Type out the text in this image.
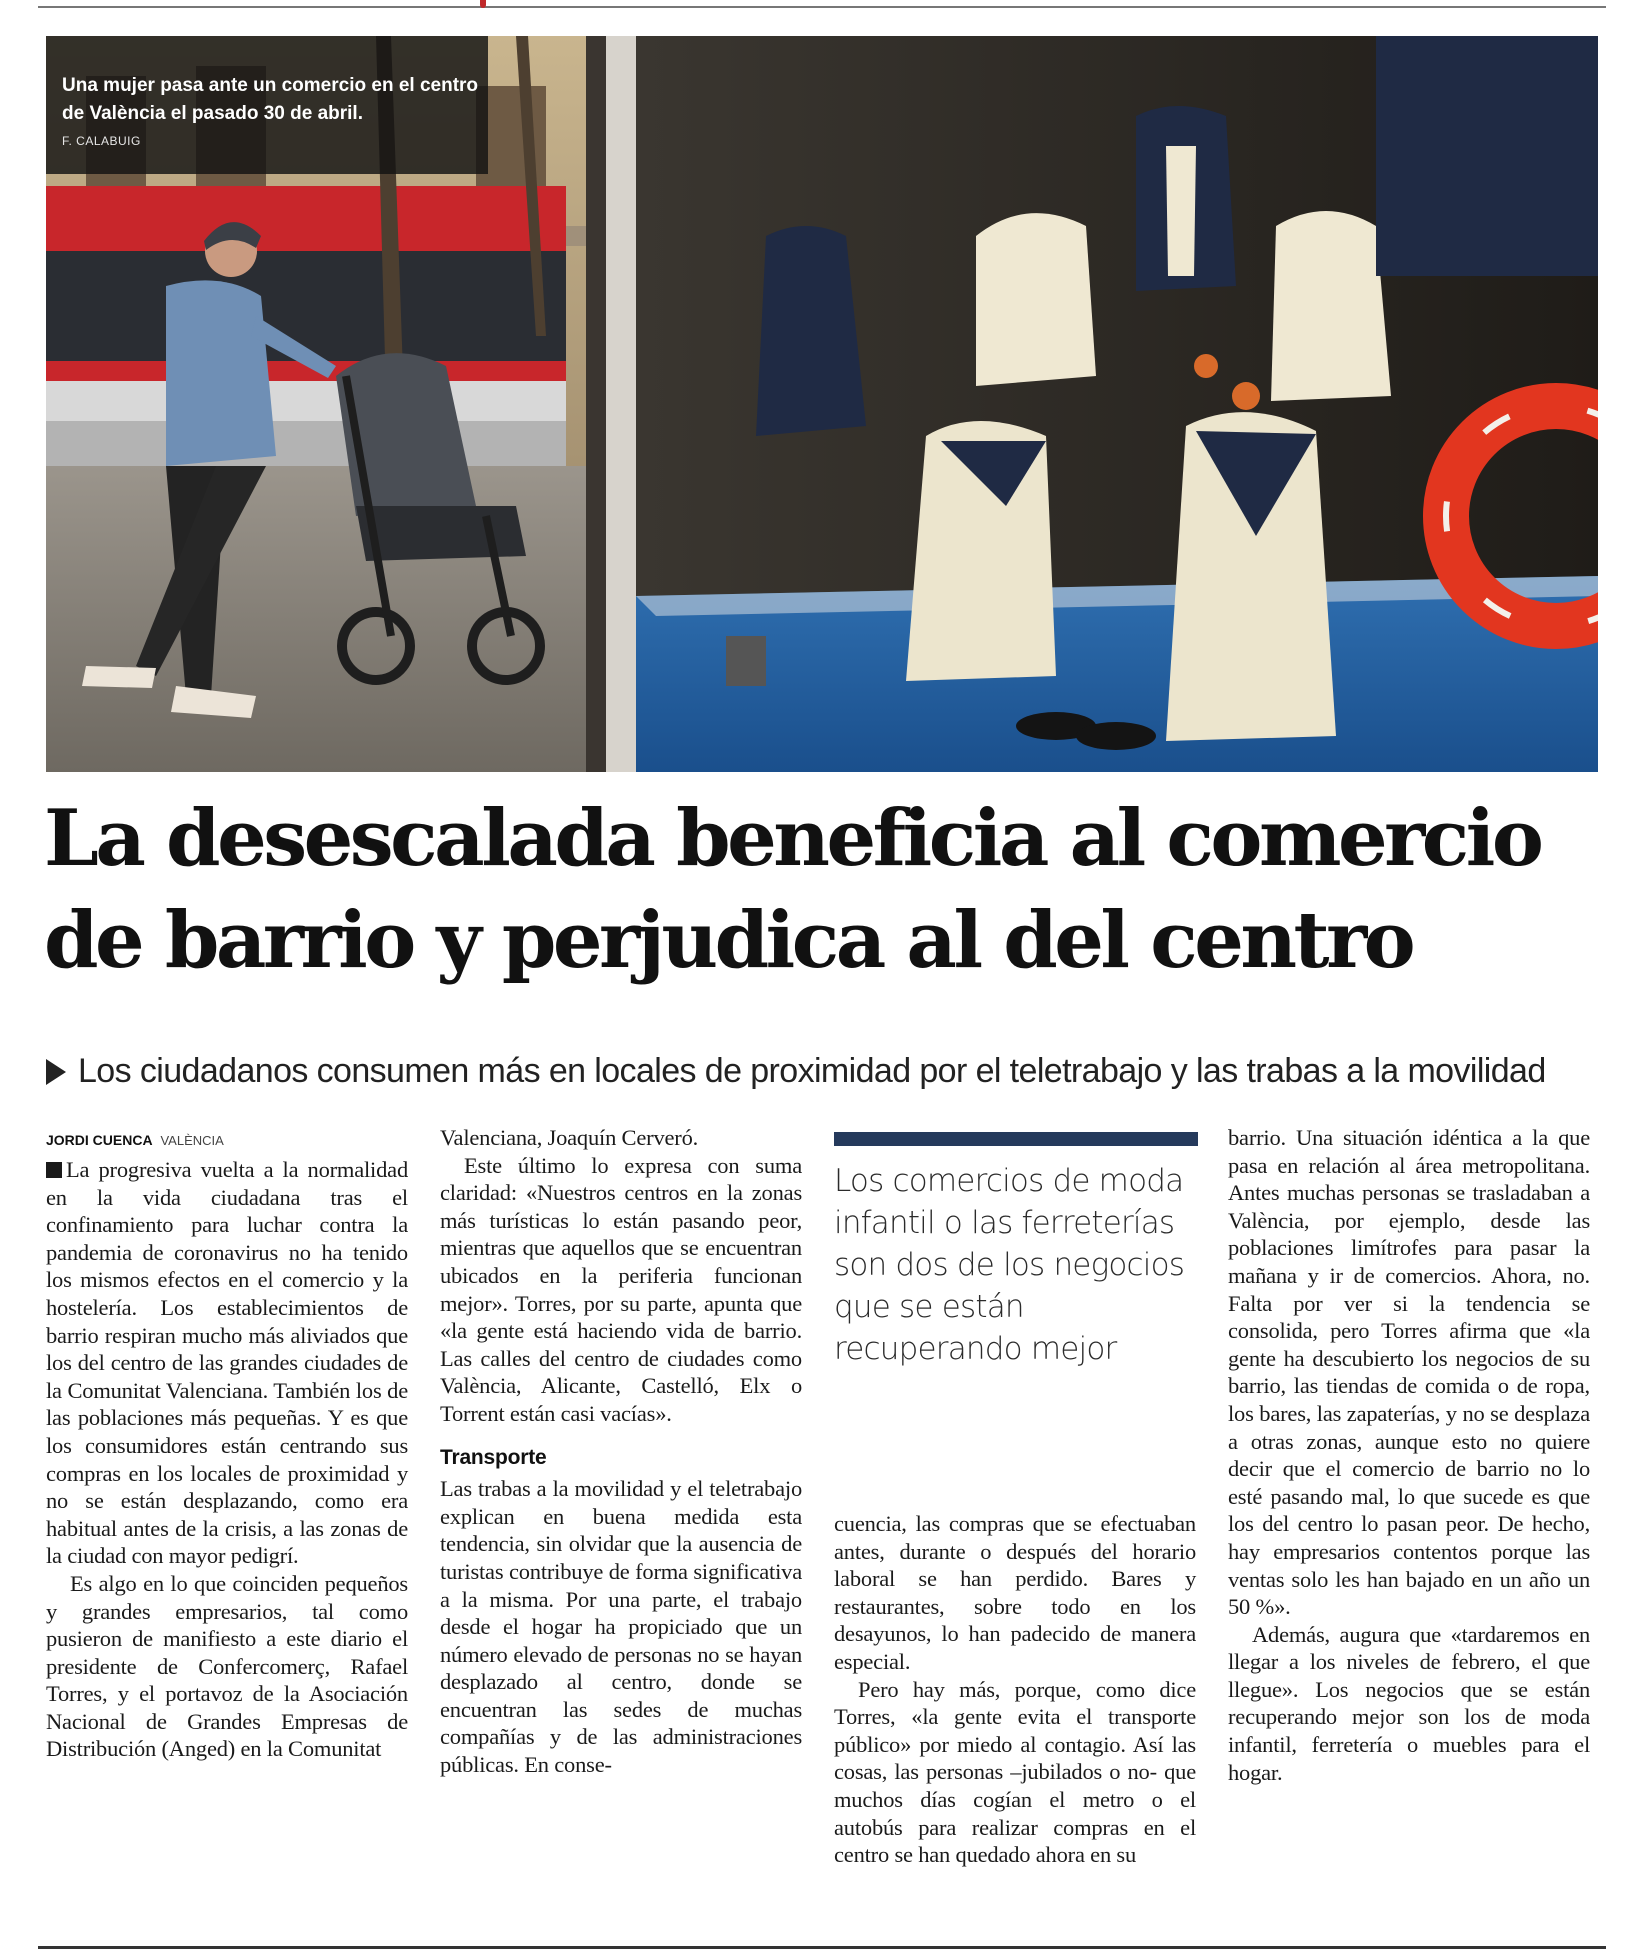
Una mujer pasa ante un comercio en el centro de València el pasado 30 de abril.
F. CALABUIG
La desescalada beneficia al comercio
de barrio y perjudica al del centro
Los ciudadanos consumen más en locales de proximidad por el teletrabajo y las trabas a la movilidad
JORDI CUENCA VALÈNCIA

La progresiva vuelta a la normalidad en la vida ciudadana tras el confinamiento para luchar contra la pandemia de coronavirus no ha tenido los mismos efectos en el comercio y la hostelería. Los establecimientos de barrio respiran mucho más aliviados que los del centro de las grandes ciudades de la Comunitat Valenciana. También los de las poblaciones más pequeñas. Y es que los consumidores están centrando sus compras en los locales de proximidad y no se están desplazando, como era habitual antes de la crisis, a las zonas de la ciudad con mayor pedigrí.

Es algo en lo que coinciden pequeños y grandes empresarios, tal como pusieron de manifiesto a este diario el presidente de Confercomerç, Rafael Torres, y el portavoz de la Asociación Nacional de Grandes Empresas de Distribución (Anged) en la Comunitat

Valenciana, Joaquín Cerveró.

Este último lo expresa con suma claridad: «Nuestros centros en la zonas más turísticas lo están pasando peor, mientras que aquellos que se encuentran ubicados en la periferia funcionan mejor». Torres, por su parte, apunta que «la gente está haciendo vida de barrio. Las calles del centro de ciudades como València, Alicante, Castelló, Elx o Torrent están casi vacías».

Transporte

Las trabas a la movilidad y el teletrabajo explican en buena medida esta tendencia, sin olvidar que la ausencia de turistas contribuye de forma significativa a la misma. Por una parte, el trabajo desde el hogar ha propiciado que un número elevado de personas no se hayan desplazado al centro, donde se encuentran las sedes de muchas compañías y de las administraciones públicas. En conse-

Los comercios de moda infantil o las ferreterías son dos de los negocios que se están recuperando mejor

cuencia, las compras que se efectuaban antes, durante o después del horario laboral se han perdido. Bares y restaurantes, sobre todo en los desayunos, lo han padecido de manera especial.

Pero hay más, porque, como dice Torres, «la gente evita el transporte público» por miedo al contagio. Así las cosas, las personas –jubilados o no- que muchos días cogían el metro o el autobús para realizar compras en el centro se han quedado ahora en su

barrio. Una situación idéntica a la que pasa en relación al área metropolitana. Antes muchas personas se trasladaban a València, por ejemplo, desde las poblaciones limítrofes para pasar la mañana y ir de comercios. Ahora, no. Falta por ver si la tendencia se consolida, pero Torres afirma que «la gente ha descubierto los negocios de su barrio, las tiendas de comida o de ropa, los bares, las zapaterías, y no se desplaza a otras zonas, aunque esto no quiere decir que el comercio de barrio no lo esté pasando mal, lo que sucede es que los del centro lo pasan peor. De hecho, hay empresarios contentos porque las ventas solo les han bajado en un año un 50 %».

Además, augura que «tardaremos en llegar a los niveles de febrero, el que llegue». Los negocios que se están recuperando mejor son los de moda infantil, ferretería o muebles para el hogar.
